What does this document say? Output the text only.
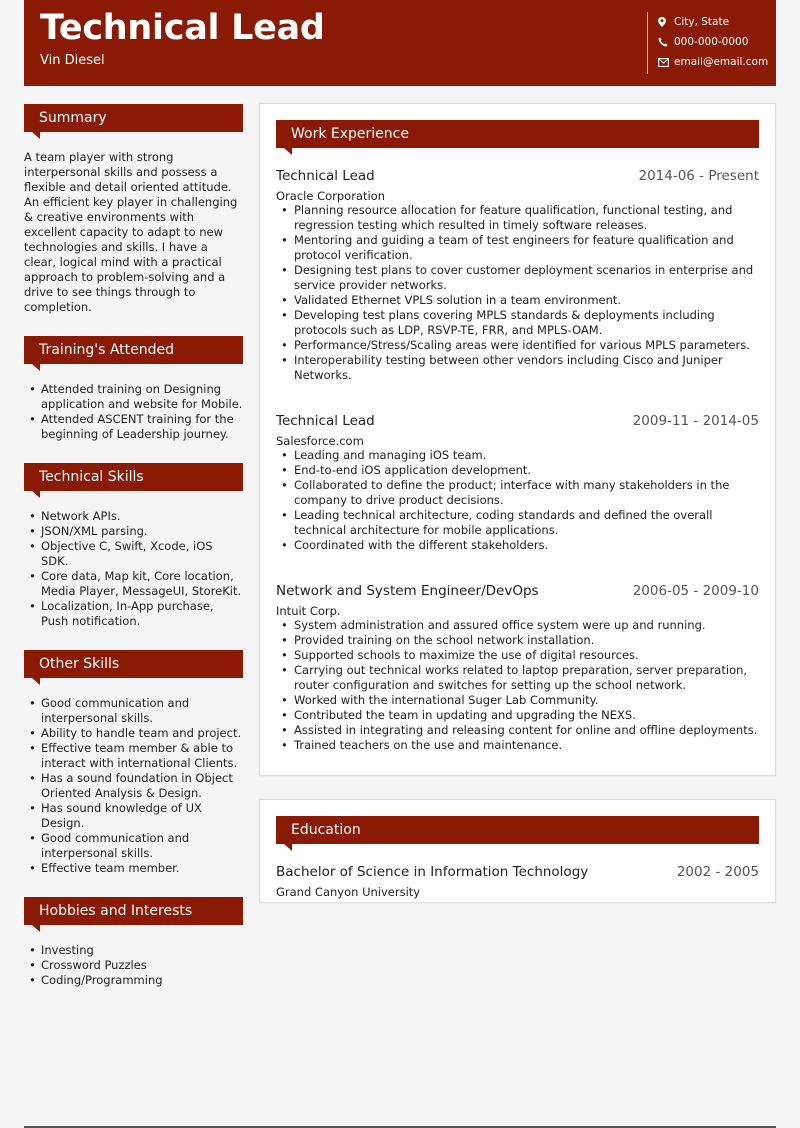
Technical Lead
Vin Diesel
City, State
000-000-0000
email@email.com
Summary

A team player with strong interpersonal skills and possess a flexible and detail oriented attitude. An efficient key player in challenging & creative environments with excellent capacity to adapt to new technologies and skills. I have a clear, logical mind with a practical approach to problem-solving and a drive to see things through to completion.

Training's Attended
• Attended training on Designing application and website for Mobile.
• Attended ASCENT training for the beginning of Leadership journey.
Technical Skills
• Network APIs.
• JSON/XML parsing.
• Objective C, Swift, Xcode, iOS SDK.
• Core data, Map kit, Core location, Media Player, MessageUI, StoreKit.
• Localization, In-App purchase, Push notification.
Other Skills
• Good communication and interpersonal skills.
• Ability to handle team and project.
• Effective team member & able to interact with international Clients.
• Has a sound foundation in Object Oriented Analysis & Design.
• Has sound knowledge of UX Design.
• Good communication and interpersonal skills.
• Effective team member.
Hobbies and Interests
• Investing
• Crossword Puzzles
• Coding/Programming
Work Experience
Technical Lead	2014-06 - Present
Oracle Corporation
• Planning resource allocation for feature qualification, functional testing, and regression testing which resulted in timely software releases.
• Mentoring and guiding a team of test engineers for feature qualification and protocol verification.
• Designing test plans to cover customer deployment scenarios in enterprise and service provider networks.
• Validated Ethernet VPLS solution in a team environment.
• Developing test plans covering MPLS standards & deployments including protocols such as LDP, RSVP-TE, FRR, and MPLS-OAM.
• Performance/Stress/Scaling areas were identified for various MPLS parameters.
• Interoperability testing between other vendors including Cisco and Juniper Networks.
Technical Lead	2009-11 - 2014-05
Salesforce.com
• Leading and managing iOS team.
• End-to-end iOS application development.
• Collaborated to define the product; interface with many stakeholders in the company to drive product decisions.
• Leading technical architecture, coding standards and defined the overall technical architecture for mobile applications.
• Coordinated with the different stakeholders.
Network and System Engineer/DevOps	2006-05 - 2009-10
Intuit Corp.
• System administration and assured office system were up and running.
• Provided training on the school network installation.
• Supported schools to maximize the use of digital resources.
• Carrying out technical works related to laptop preparation, server preparation, router configuration and switches for setting up the school network.
• Worked with the international Suger Lab Community.
• Contributed the team in updating and upgrading the NEXS.
• Assisted in integrating and releasing content for online and offline deployments.
• Trained teachers on the use and maintenance.
Education
Bachelor of Science in Information Technology	2002 - 2005
Grand Canyon University
